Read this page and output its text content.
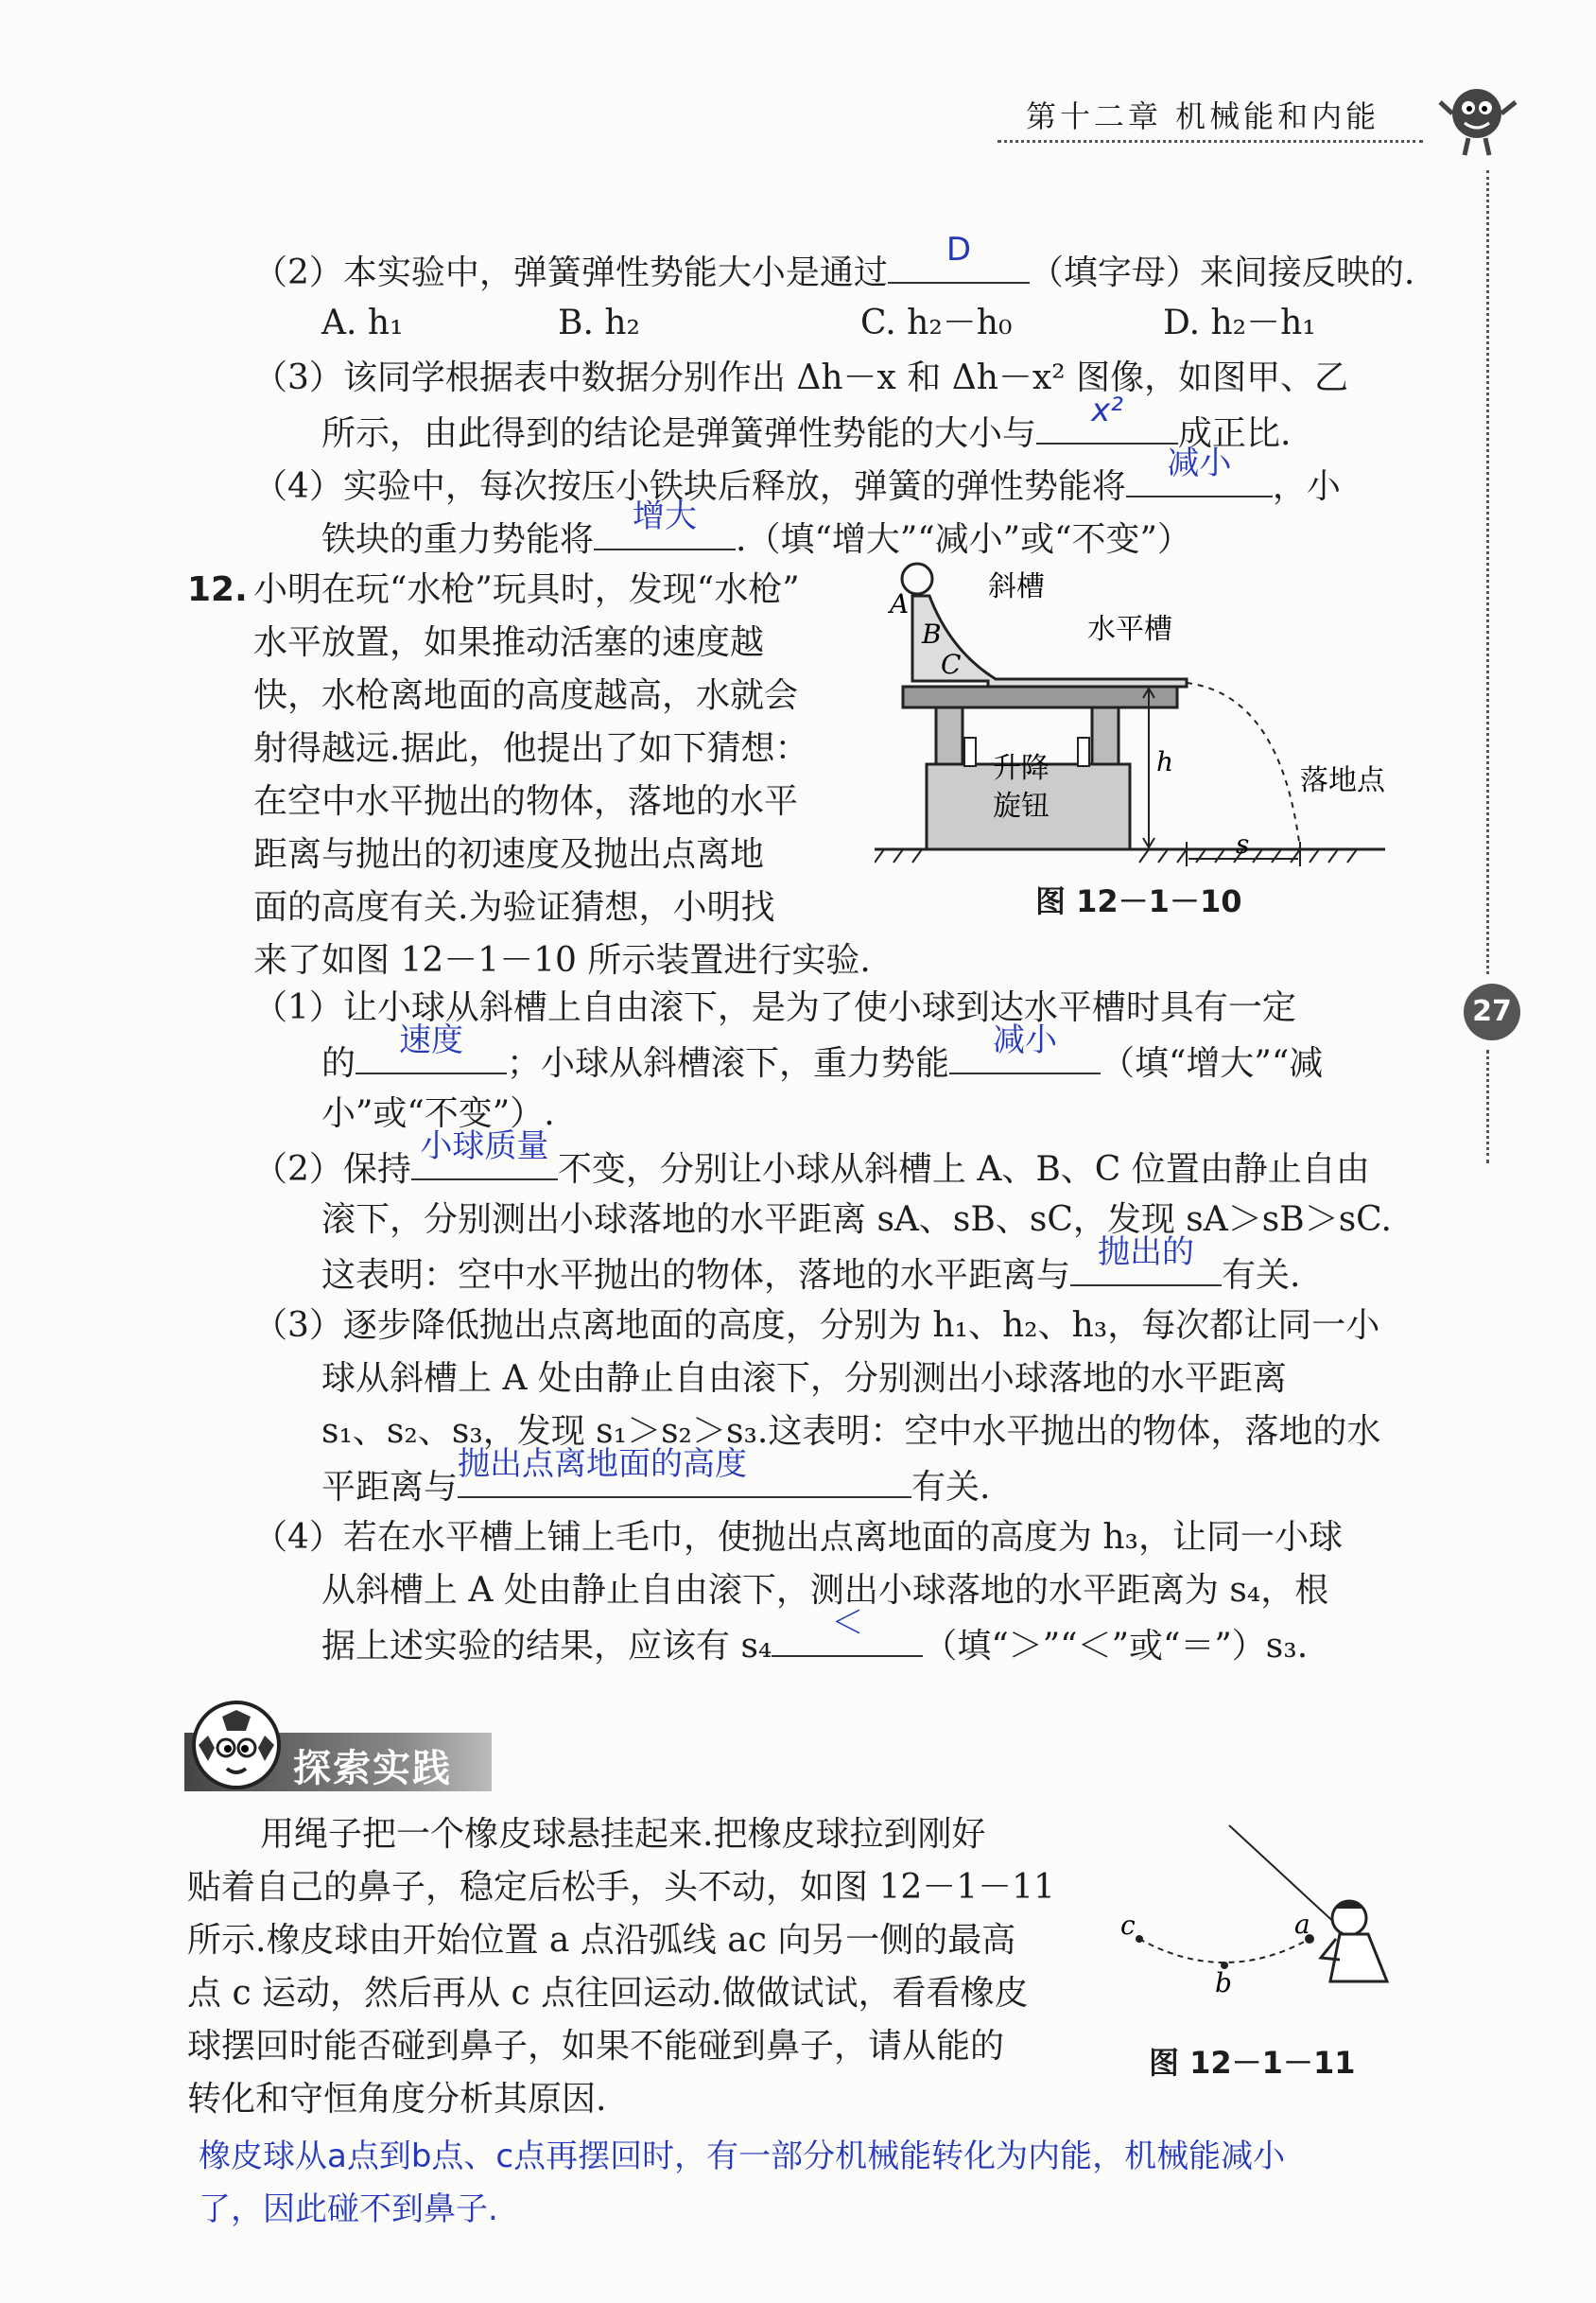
第十二章 机械能和内能
27
（2）本实验中，弹簧弹性势能大小是通过
D
（填字母）来间接反映的.
A. h₁	B. h₂	C. h₂－h₀	D. h₂－h₁
（3）该同学根据表中数据分别作出 Δh－x 和 Δh－x² 图像，如图甲、乙
所示，由此得到的结论是弹簧弹性势能的大小与
x²
成正比.
（4）实验中，每次按压小铁块后释放，弹簧的弹性势能将
减小
，小
铁块的重力势能将
增大
.（填“增大”“减小”或“不变”）
12. 小明在玩“水枪”玩具时，发现“水枪”
水平放置，如果推动活塞的速度越
快，水枪离地面的高度越高，水就会
射得越远.据此，他提出了如下猜想：
在空中水平抛出的物体，落地的水平
距离与抛出的初速度及抛出点离地
面的高度有关.为验证猜想，小明找
来了如图 12－1－10 所示装置进行实验.
A
B
C
斜槽
水平槽
升降
旋钮
h
s
落地点
图 12－1－10
（1）让小球从斜槽上自由滚下，是为了使小球到达水平槽时具有一定
的
速度
；小球从斜槽滚下，重力势能
减小
（填“增大”“减
小”或“不变”）.
（2）保持
小球质量
不变，分别让小球从斜槽上 A、B、C 位置由静止自由
滚下，分别测出小球落地的水平距离 sA、sB、sC，发现 sA＞sB＞sC.
这表明：空中水平抛出的物体，落地的水平距离与
抛出的
有关.
（3）逐步降低抛出点离地面的高度，分别为 h₁、h₂、h₃，每次都让同一小
球从斜槽上 A 处由静止自由滚下，分别测出小球落地的水平距离
s₁、s₂、s₃，发现 s₁＞s₂＞s₃.这表明：空中水平抛出的物体，落地的水
平距离与
抛出点离地面的高度
有关.
（4）若在水平槽上铺上毛巾，使抛出点离地面的高度为 h₃，让同一小球
从斜槽上 A 处由静止自由滚下，测出小球落地的水平距离为 s₄，根
据上述实验的结果，应该有 s₄
＜
（填“＞”“＜”或“＝”）s₃.
探索实践
用绳子把一个橡皮球悬挂起来.把橡皮球拉到刚好
贴着自己的鼻子，稳定后松手，头不动，如图 12－1－11
所示.橡皮球由开始位置 a 点沿弧线 ac 向另一侧的最高
点 c 运动，然后再从 c 点往回运动.做做试试，看看橡皮
球摆回时能否碰到鼻子，如果不能碰到鼻子，请从能的
转化和守恒角度分析其原因.
c	a
b
图 12－1－11
橡皮球从a点到b点、c点再摆回时，有一部分机械能转化为内能，机械能减小
了，因此碰不到鼻子.
